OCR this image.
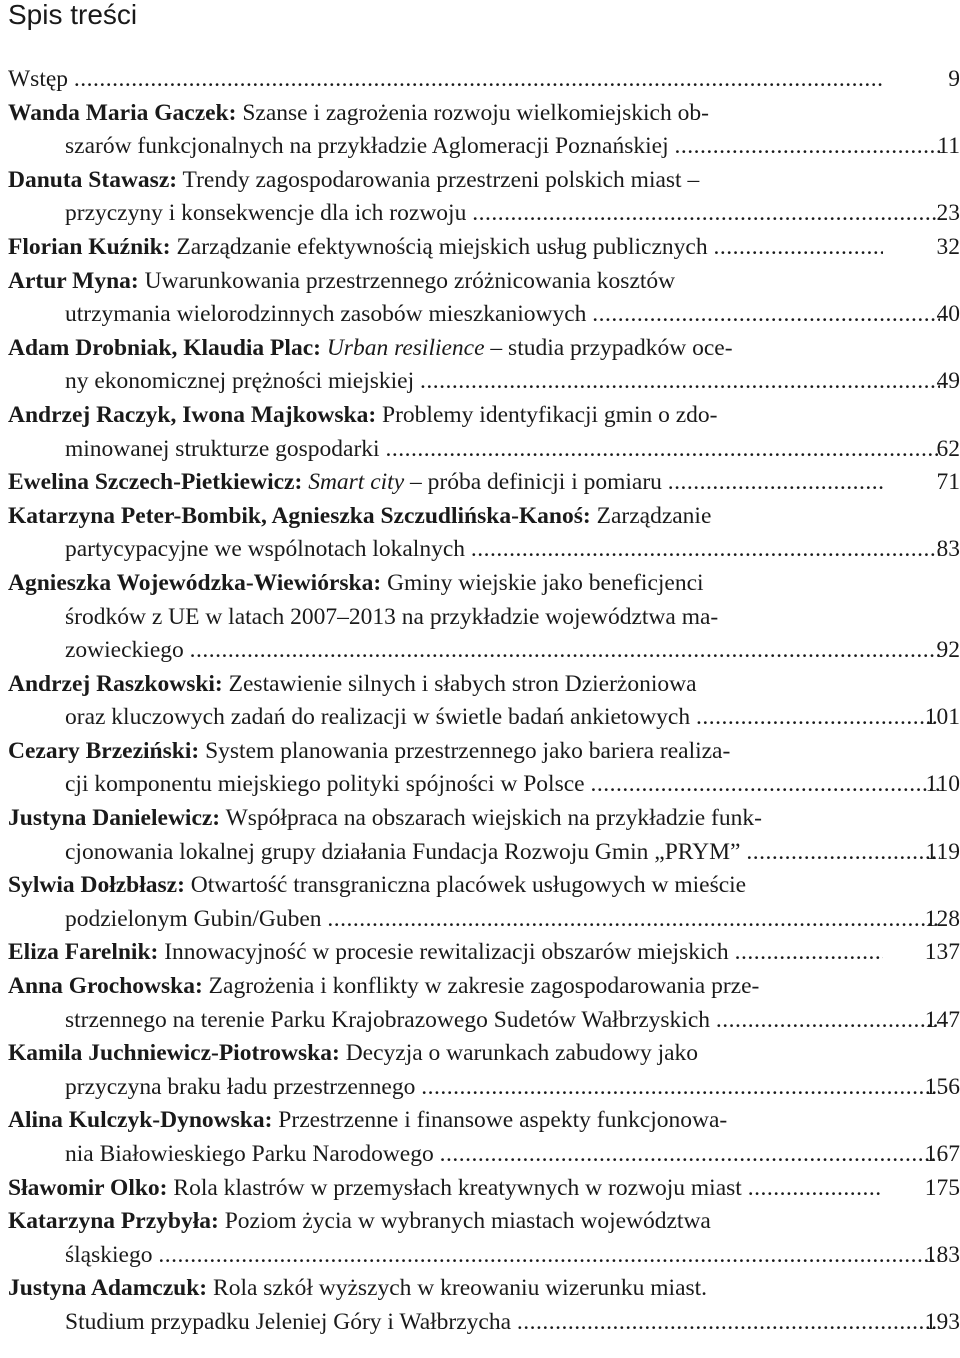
Spis treści
Wstęp .....	9
Wanda Maria Gaczek: Szanse i zagrożenia rozwoju wielkomiejskich ob-
szarów funkcjonalnych na przykładzie Aglomeracji Poznańskiej .....	11
Danuta Stawasz: Trendy zagospodarowania przestrzeni polskich miast –
przyczyny i konsekwencje dla ich rozwoju .....	23
Florian Kuźnik: Zarządzanie efektywnością miejskich usług publicznych .....	32
Artur Myna: Uwarunkowania przestrzennego zróżnicowania kosztów
utrzymania wielorodzinnych zasobów mieszkaniowych .....	40
Adam Drobniak, Klaudia Plac: Urban resilience – studia przypadków oce-
ny ekonomicznej prężności miejskiej .....	49
Andrzej Raczyk, Iwona Majkowska: Problemy identyfikacji gmin o zdo-
minowanej strukturze gospodarki .....	62
Ewelina Szczech-Pietkiewicz: Smart city – próba definicji i pomiaru .....	71
Katarzyna Peter-Bombik, Agnieszka Szczudlińska-Kanoś: Zarządzanie
partycypacyjne we wspólnotach lokalnych .....	83
Agnieszka Wojewódzka-Wiewiórska: Gminy wiejskie jako beneficjenci
środków z UE w latach 2007–2013 na przykładzie województwa ma-
zowieckiego .....	92
Andrzej Raszkowski: Zestawienie silnych i słabych stron Dzierżoniowa
oraz kluczowych zadań do realizacji w świetle badań ankietowych .....	101
Cezary Brzeziński: System planowania przestrzennego jako bariera realiza-
cji komponentu miejskiego polityki spójności w Polsce .....	110
Justyna Danielewicz: Współpraca na obszarach wiejskich na przykładzie funk-
cjonowania lokalnej grupy działania Fundacja Rozwoju Gmin „PRYM” .....	119
Sylwia Dołzbłasz: Otwartość transgraniczna placówek usługowych w mieście
podzielonym Gubin/Guben .....	128
Eliza Farelnik: Innowacyjność w procesie rewitalizacji obszarów miejskich .....	137
Anna Grochowska: Zagrożenia i konflikty w zakresie zagospodarowania prze-
strzennego na terenie Parku Krajobrazowego Sudetów Wałbrzyskich .....	147
Kamila Juchniewicz-Piotrowska: Decyzja o warunkach zabudowy jako
przyczyna braku ładu przestrzennego .....	156
Alina Kulczyk-Dynowska: Przestrzenne i finansowe aspekty funkcjonowa-
nia Białowieskiego Parku Narodowego .....	167
Sławomir Olko: Rola klastrów w przemysłach kreatywnych w rozwoju miast .....	175
Katarzyna Przybyła: Poziom życia w wybranych miastach województwa
śląskiego .....	183
Justyna Adamczuk: Rola szkół wyższych w kreowaniu wizerunku miast.
Studium przypadku Jeleniej Góry i Wałbrzycha .....	193
